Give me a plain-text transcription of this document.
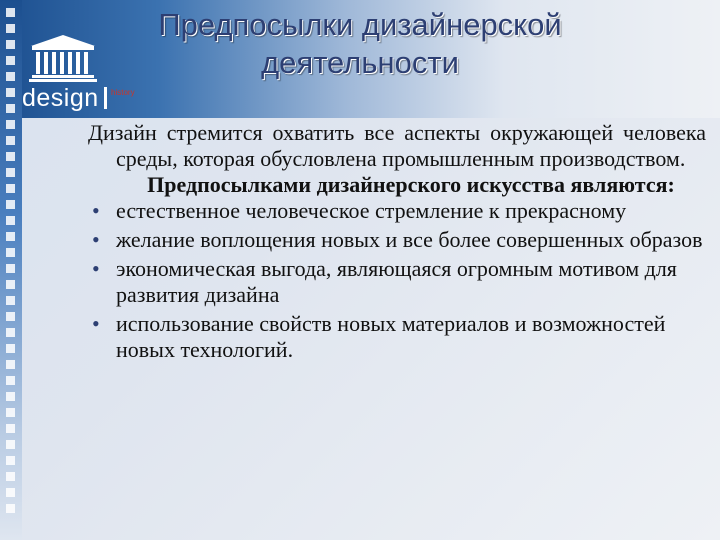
design history
Предпосылки дизайнерской деятельности

Дизайн стремится охватить все аспекты окружающей человека среды, которая обусловлена промышленным производством.

Предпосылками дизайнерского искусства являются:

• естественное человеческое стремление к прекрасному
• желание воплощения новых и все более совершенных образов
• экономическая выгода, являющаяся огромным мотивом для развития дизайна
• использование свойств новых материалов и возможностей новых технологий.
